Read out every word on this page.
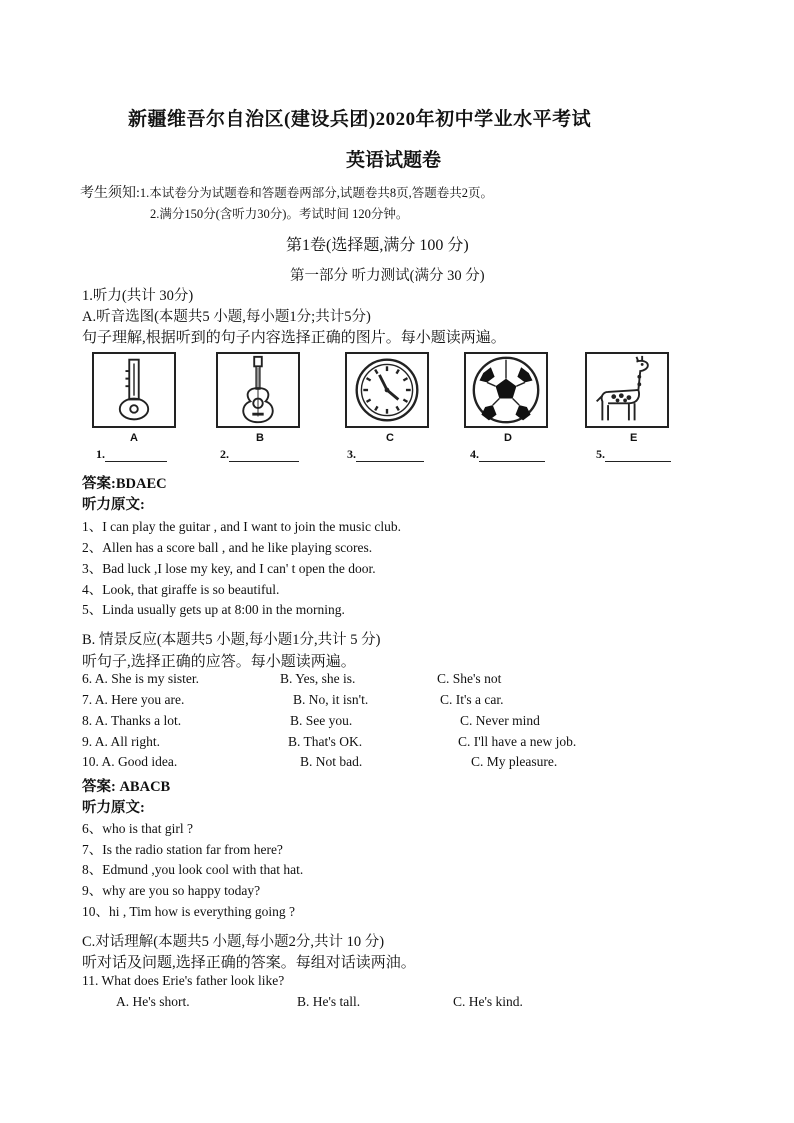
新疆维吾尔自治区(建设兵团)2020年初中学业水平考试
英语试题卷
考生须知:1.本试卷分为试题卷和答题卷两部分,试题卷共8页,答题卷共2页。
2.满分150分(含听力30分)。考试时间 120分钟。
第1卷(选择题,满分 100 分)
第一部分 听力测试(满分 30 分)
1.听力(共计 30分)
A.听音选图(本题共5 小题,每小题1分;共计5分)
句子理解,根据听到的句子内容选择正确的图片。每小题读两遍。
A	B	C	D	E
1.	2.	3.	4.	5.
答案:BDAEC
听力原文:
1、I can play the guitar , and I want to join the music club.
2、Allen has a score ball , and he like playing scores.
3、Bad luck ,I lose my key, and I can' t open the door.
4、Look, that giraffe is so beautiful.
5、Linda usually gets up at 8:00 in the morning.
B. 情景反应(本题共5 小题,每小题1分,共计 5 分)
听句子,选择正确的应答。每小题读两遍。
6. A. She is my sister.	B. Yes, she is.	C. She's not
7. A. Here you are.	B. No, it isn't.	C. It's a car.
8. A. Thanks a lot.	B. See you.	C. Never mind
9. A. All right.	B. That's OK.	C. I'll have a new job.
10. A. Good idea.	B. Not bad.	C. My pleasure.
答案: ABACB
听力原文:
6、who is that girl ?
7、Is the radio station far from here?
8、Edmund ,you look cool with that hat.
9、why are you so happy today?
10、hi , Tim how is everything going ?
C.对话理解(本题共5 小题,每小题2分,共计 10 分)
听对话及问题,选择正确的答案。每组对话读两油。
11. What does Erie's father look like?
A. He's short.	B. He's tall.	C. He's kind.
